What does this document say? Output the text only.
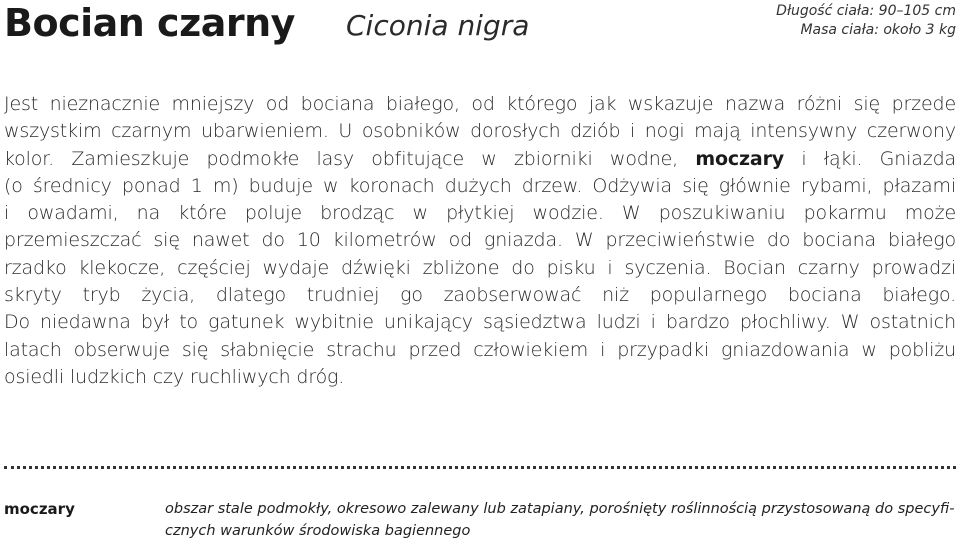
Bocian czarny Ciconia nigra	Długość ciała: 90–105 cm
Masa ciała: około 3 kg
Jest nieznacznie mniejszy od bociana białego, od którego jak wskazuje nazwa różni się przede
wszystkim czarnym ubarwieniem. U osobników dorosłych dziób i nogi mają intensywny czerwony
kolor. Zamieszkuje podmokłe lasy obfitujące w zbiorniki wodne, moczary i łąki. Gniazda
(o średnicy ponad 1 m) buduje w koronach dużych drzew. Odżywia się głównie rybami, płazami
i owadami, na które poluje brodząc w płytkiej wodzie. W poszukiwaniu pokarmu może
przemieszczać się nawet do 10 kilometrów od gniazda. W przeciwieństwie do bociana białego
rzadko klekocze, częściej wydaje dźwięki zbliżone do pisku i syczenia. Bocian czarny prowadzi
skryty tryb życia, dlatego trudniej go zaobserwować niż popularnego bociana białego.
Do niedawna był to gatunek wybitnie unikający sąsiedztwa ludzi i bardzo płochliwy. W ostatnich
latach obserwuje się słabnięcie strachu przed człowiekiem i przypadki gniazdowania w pobliżu
osiedli ludzkich czy ruchliwych dróg.
moczary	obszar stale podmokły, okresowo zalewany lub zatapiany, porośnięty roślinnością przystosowaną do specyfi-
cznych warunków środowiska bagiennego
